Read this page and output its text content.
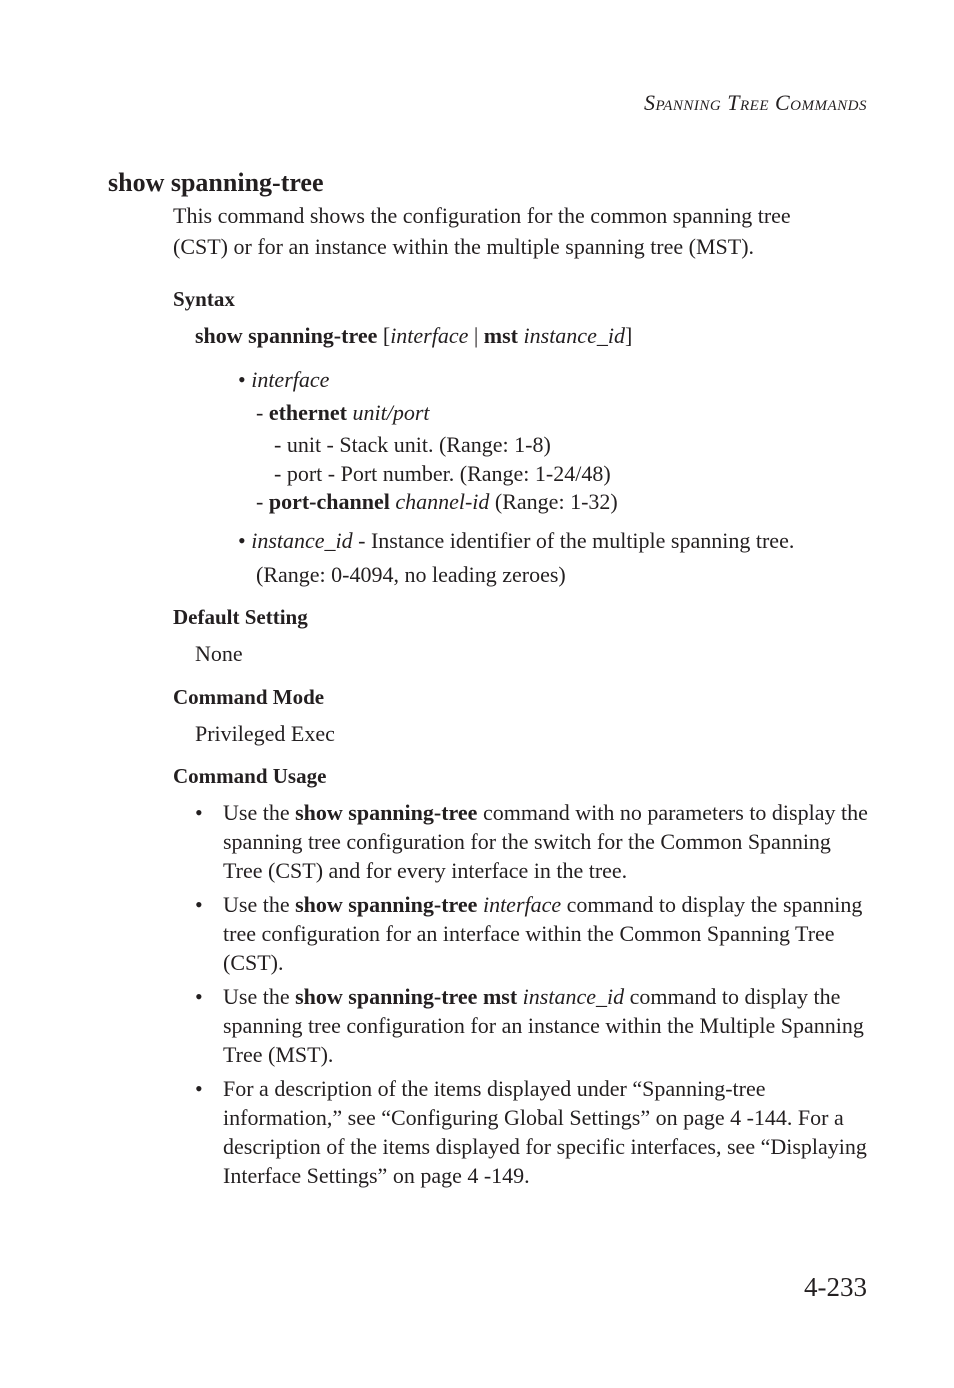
Spanning Tree Commands
show spanning-tree
This command shows the configuration for the common spanning tree
(CST) or for an instance within the multiple spanning tree (MST).
Syntax
show spanning-tree [interface | mst instance_id]
• interface
- ethernet unit/port
- unit - Stack unit. (Range: 1-8)
- port - Port number. (Range: 1-24/48)
- port-channel channel-id (Range: 1-32)
• instance_id - Instance identifier of the multiple spanning tree.
(Range: 0-4094, no leading zeroes)
Default Setting
None
Command Mode
Privileged Exec
Command Usage
• Use the show spanning-tree command with no parameters to display the spanning tree configuration for the switch for the Common Spanning Tree (CST) and for every interface in the tree.
• Use the show spanning-tree interface command to display the spanning tree configuration for an interface within the Common Spanning Tree (CST).
• Use the show spanning-tree mst instance_id command to display the spanning tree configuration for an instance within the Multiple Spanning Tree (MST).
• For a description of the items displayed under “Spanning-tree information,” see “Configuring Global Settings” on page 4 -144. For a description of the items displayed for specific interfaces, see “Displaying Interface Settings” on page 4 -149.
4-233
